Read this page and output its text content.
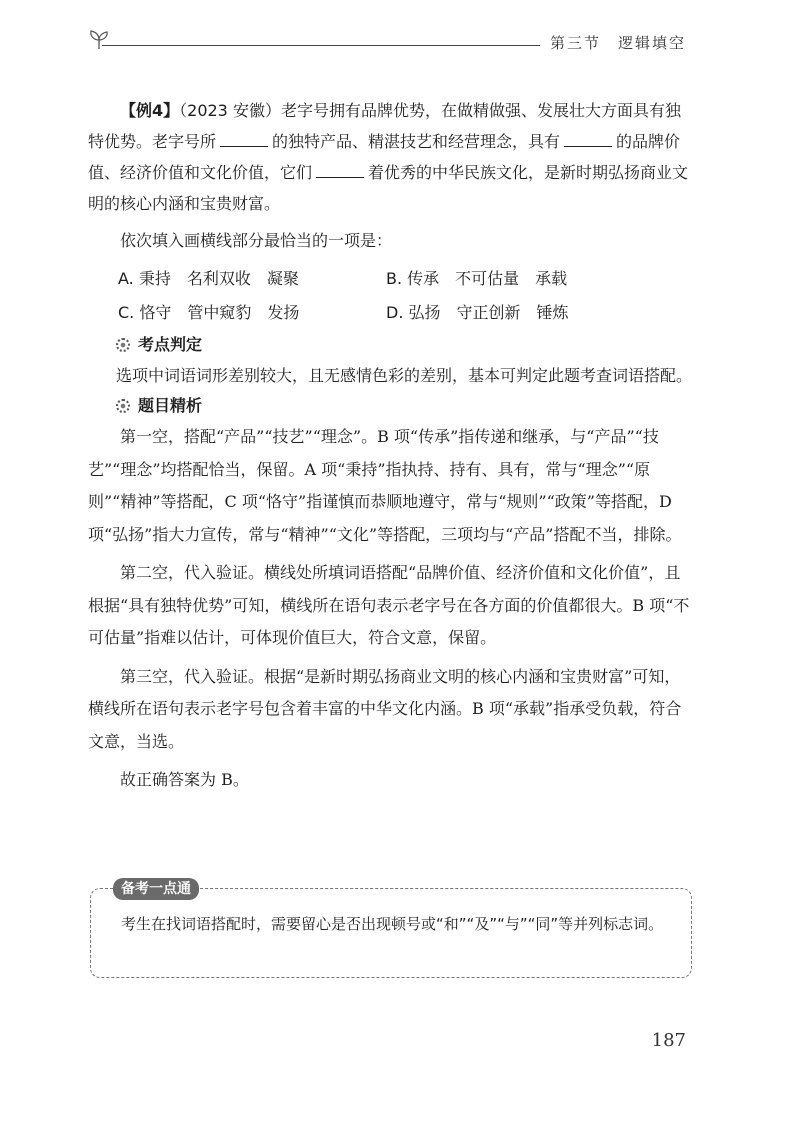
第三节　逻辑填空

【例4】（2023 安徽）老字号拥有品牌优势，在做精做强、发展壮大方面具有独特优势。老字号所	的独特产品、精湛技艺和经营理念，具有	的品牌价值、经济价值和文化价值，它们	着优秀的中华民族文化，是新时期弘扬商业文明的核心内涵和宝贵财富。

依次填入画横线部分最恰当的一项是：

A. 秉持　名利双收　凝聚	B. 传承　不可估量　承载
C. 恪守　管中窥豹　发扬	D. 弘扬　守正创新　锤炼
考点判定

选项中词语词形差别较大，且无感情色彩的差别，基本可判定此题考查词语搭配。

题目精析

第一空，搭配“产品”“技艺”“理念”。B 项“传承”指传递和继承，与“产品”“技艺”“理念”均搭配恰当，保留。A 项“秉持”指执持、持有、具有，常与“理念”“原则”“精神”等搭配，C 项“恪守”指谨慎而恭顺地遵守，常与“规则”“政策”等搭配，D 项“弘扬”指大力宣传，常与“精神”“文化”等搭配，三项均与“产品”搭配不当，排除。

第二空，代入验证。横线处所填词语搭配“品牌价值、经济价值和文化价值”，且根据“具有独特优势”可知，横线所在语句表示老字号在各方面的价值都很大。B 项“不可估量”指难以估计，可体现价值巨大，符合文意，保留。

第三空，代入验证。根据“是新时期弘扬商业文明的核心内涵和宝贵财富”可知，横线所在语句表示老字号包含着丰富的中华文化内涵。B 项“承载”指承受负载，符合文意，当选。

故正确答案为 B。

备考一点通
考生在找词语搭配时，需要留心是否出现顿号或“和”“及”“与”“同”等并列标志词。
187
